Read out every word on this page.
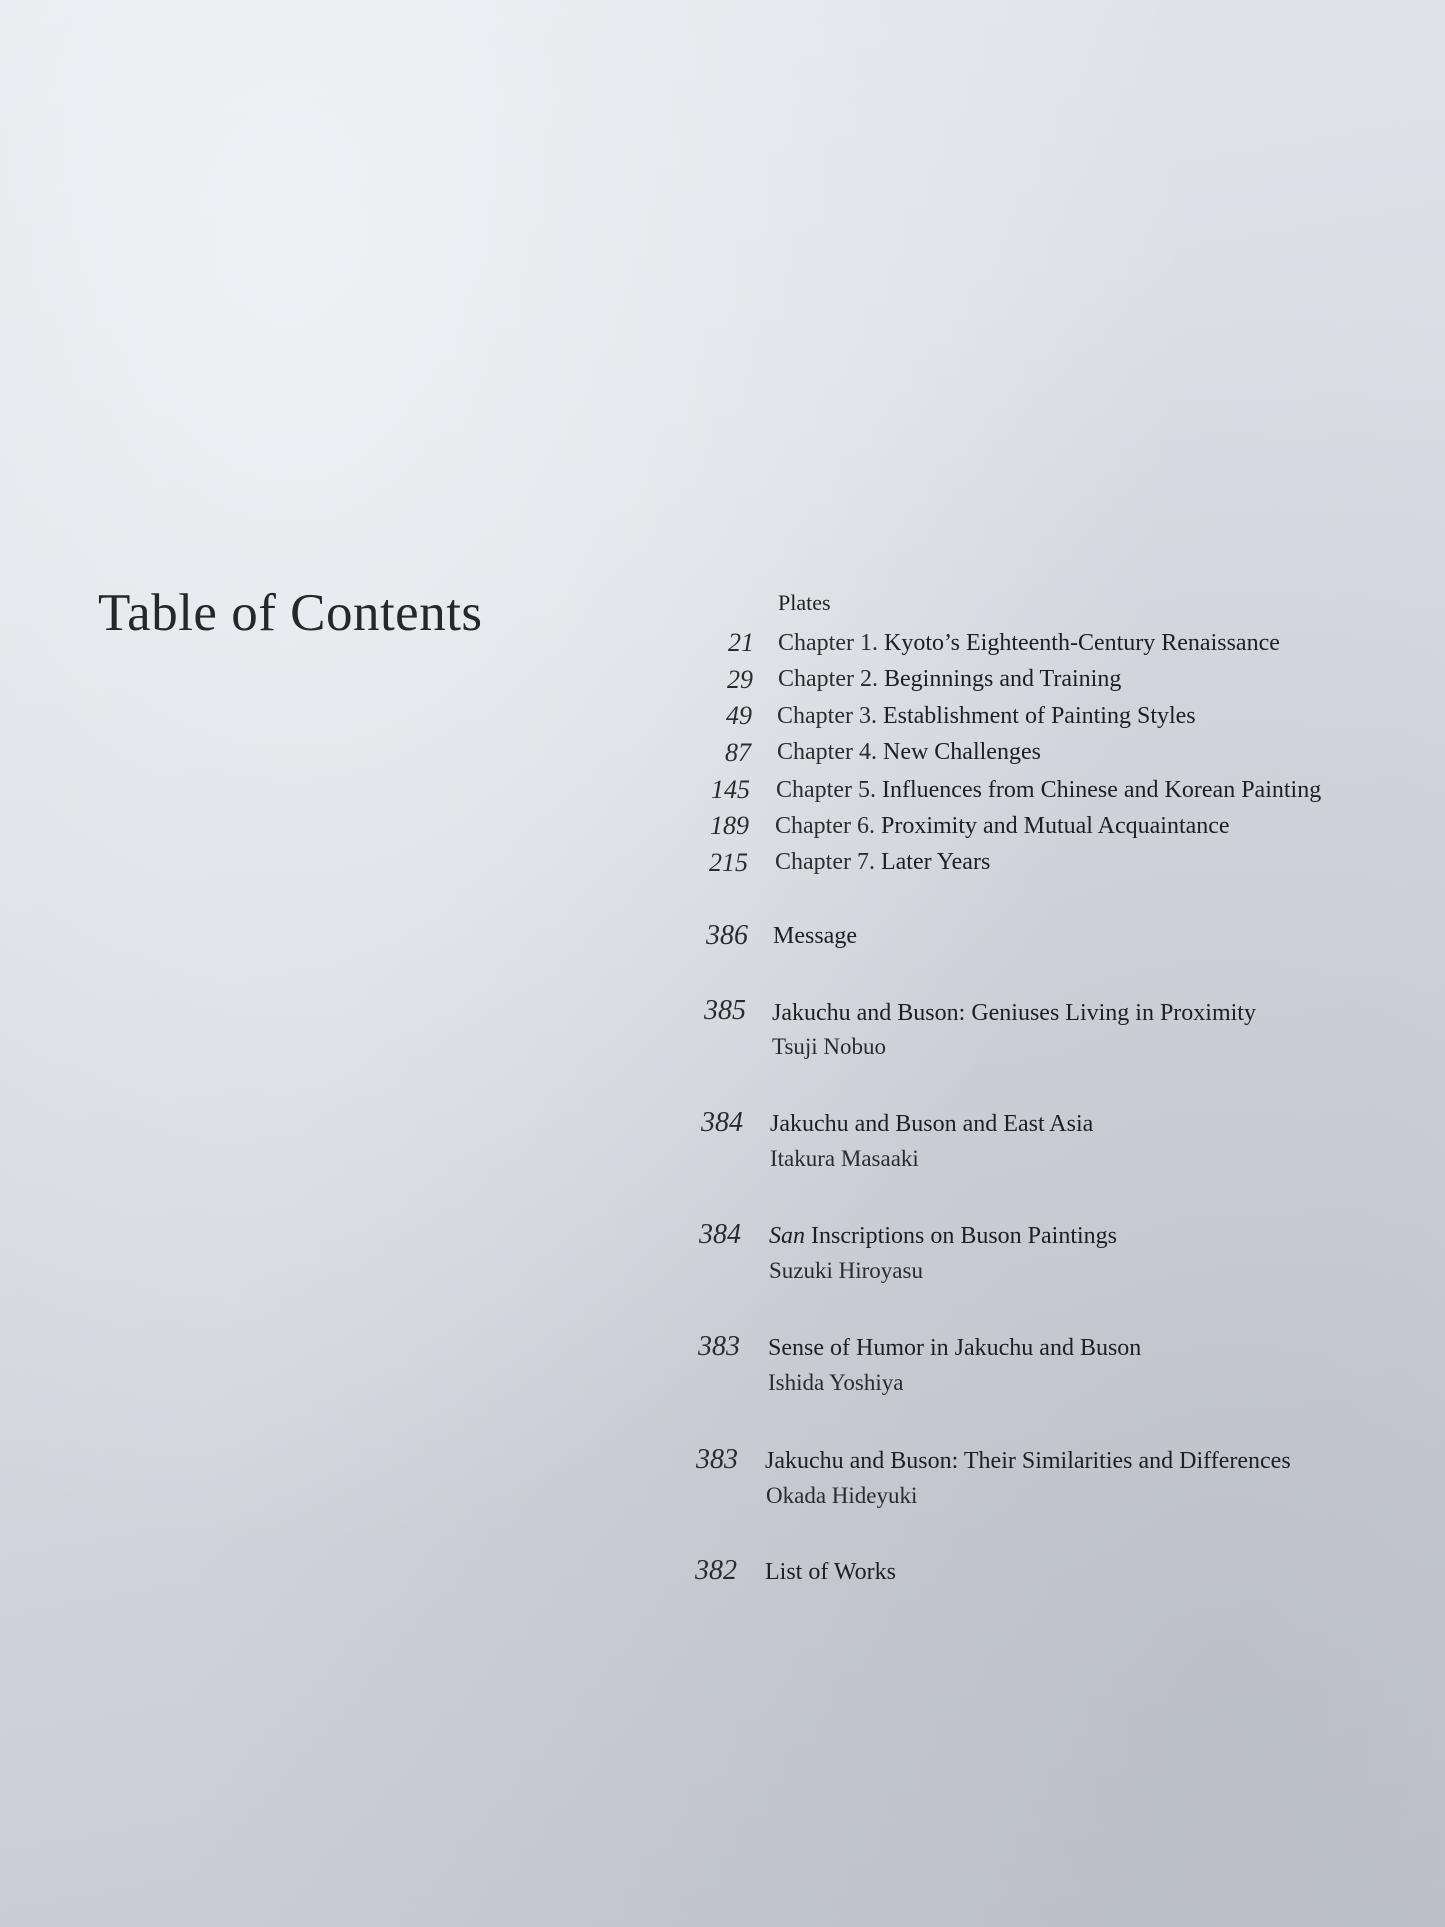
Table of Contents	Plates
21 Chapter 1. Kyoto’s Eighteenth-Century Renaissance
29 Chapter 2. Beginnings and Training
49 Chapter 3. Establishment of Painting Styles
87 Chapter 4. New Challenges
145 Chapter 5. Influences from Chinese and Korean Painting
189 Chapter 6. Proximity and Mutual Acquaintance
215 Chapter 7. Later Years
386 Message
385 Jakuchu and Buson: Geniuses Living in Proximity
Tsuji Nobuo
384 Jakuchu and Buson and East Asia
Itakura Masaaki
384 San Inscriptions on Buson Paintings
Suzuki Hiroyasu
383 Sense of Humor in Jakuchu and Buson
Ishida Yoshiya
383 Jakuchu and Buson: Their Similarities and Differences
Okada Hideyuki
382 List of Works
